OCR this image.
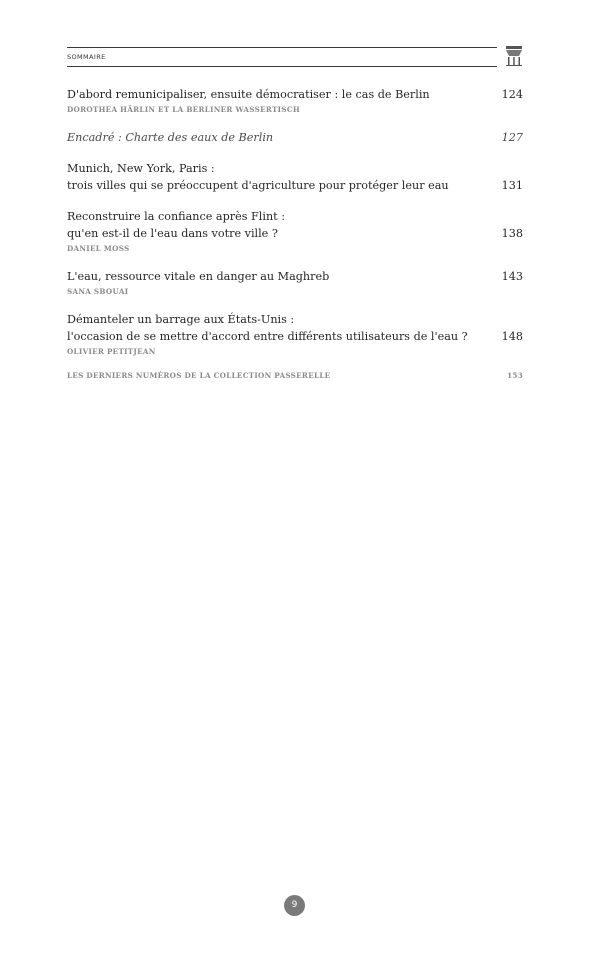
SOMMAIRE
D'abord remunicipaliser, ensuite démocratiser : le cas de Berlin	124
DOROTHEA HÄRLIN ET LA BERLINER WASSERTISCH
Encadré : Charte des eaux de Berlin	127
Munich, New York, Paris :
trois villes qui se préoccupent d'agriculture pour protéger leur eau	131
Reconstruire la confiance après Flint :
qu'en est-il de l'eau dans votre ville ?	138
DANIEL MOSS
L'eau, ressource vitale en danger au Maghreb	143
SANA SBOUAI
Démanteler un barrage aux États-Unis :
l'occasion de se mettre d'accord entre différents utilisateurs de l'eau ?	148
OLIVIER PETITJEAN
LES DERNIERS NUMÉROS DE LA COLLECTION PASSERELLE	153
9
